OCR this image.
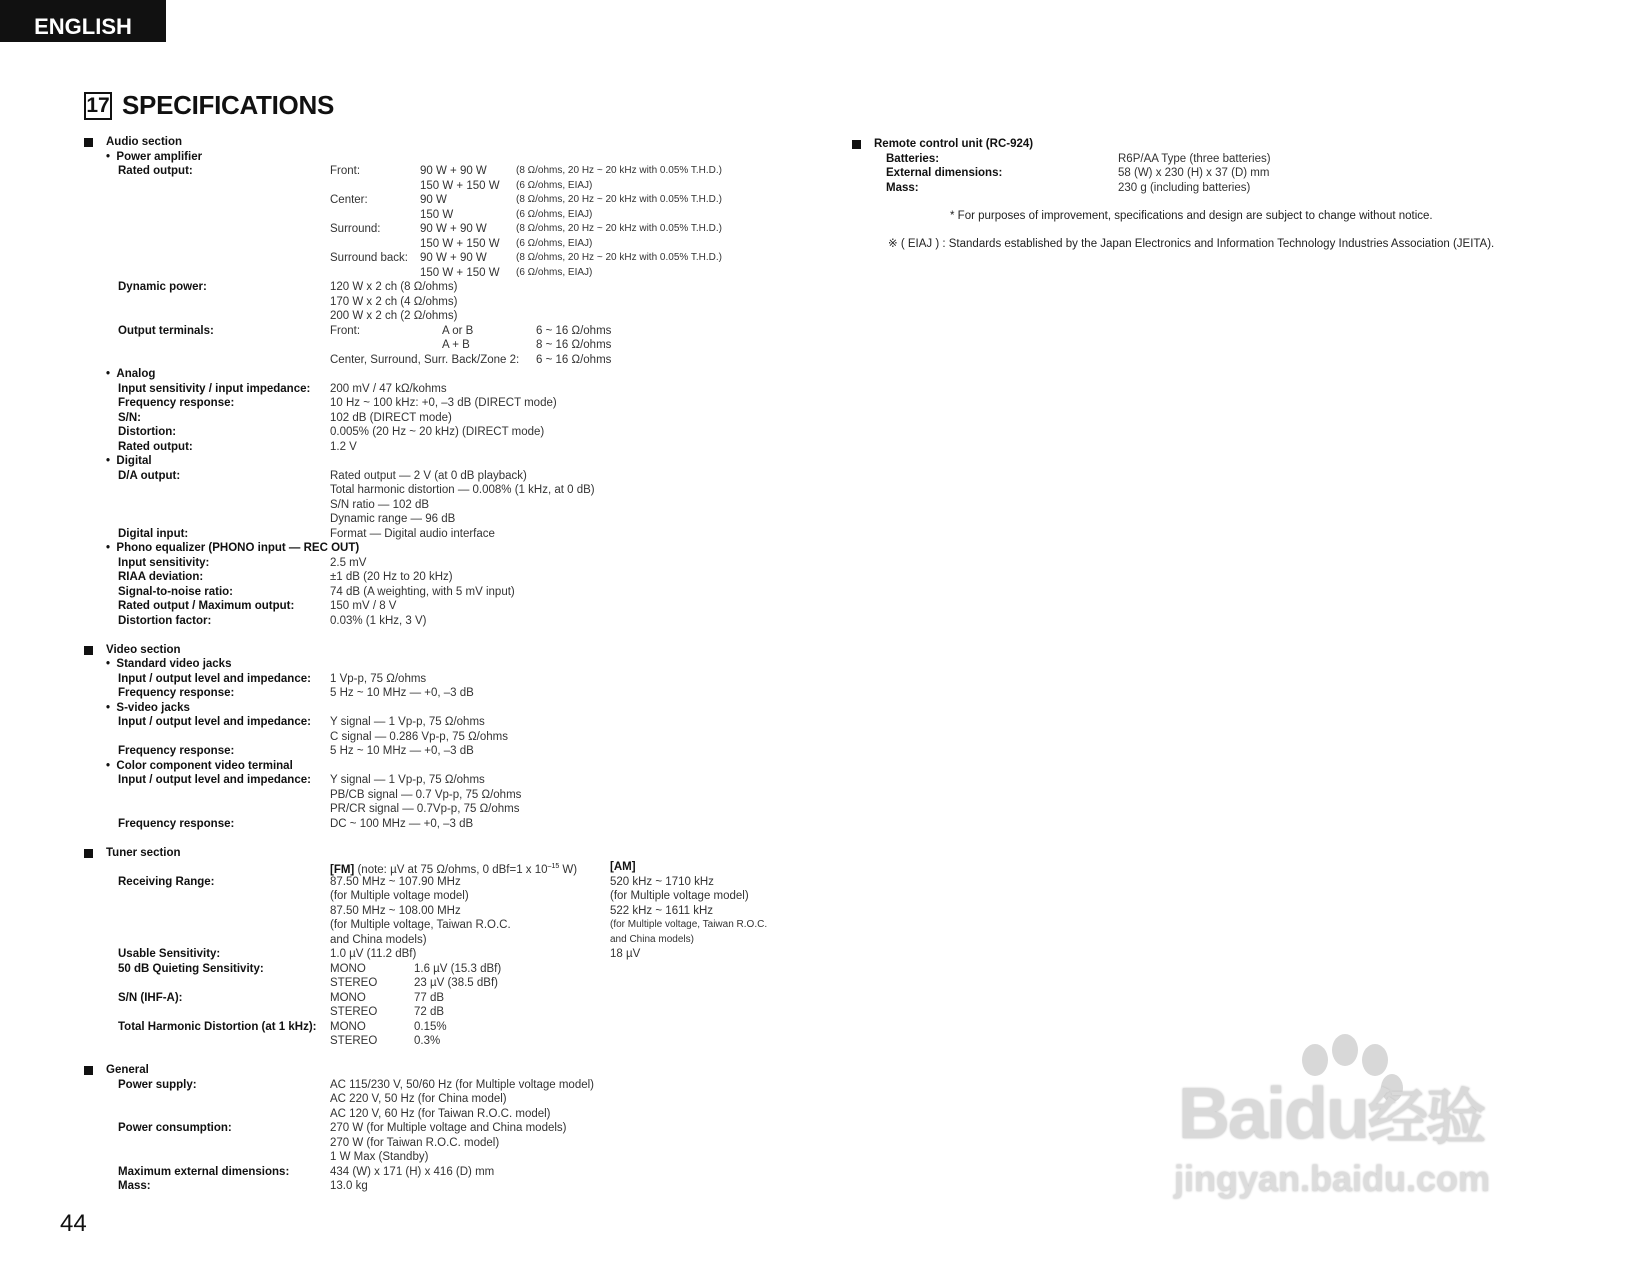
ENGLISH
17 SPECIFICATIONS
Audio section
•  Power amplifier
Rated output:	Front:	90 W + 90 W	(8 Ω/ohms, 20 Hz ~ 20 kHz with 0.05% T.H.D.)
150 W + 150 W (6 Ω/ohms, EIAJ)
Center:	90 W	(8 Ω/ohms, 20 Hz ~ 20 kHz with 0.05% T.H.D.)
150 W	(6 Ω/ohms, EIAJ)
Surround:	90 W + 90 W	(8 Ω/ohms, 20 Hz ~ 20 kHz with 0.05% T.H.D.)
150 W + 150 W (6 Ω/ohms, EIAJ)
Surround back: 90 W + 90 W	(8 Ω/ohms, 20 Hz ~ 20 kHz with 0.05% T.H.D.)
150 W + 150 W (6 Ω/ohms, EIAJ)
Dynamic power:	120 W x 2 ch (8 Ω/ohms)
170 W x 2 ch (4 Ω/ohms)
200 W x 2 ch (2 Ω/ohms)
Output terminals:	Front:	A or B	6 ~ 16 Ω/ohms
A + B	8 ~ 16 Ω/ohms
Center, Surround, Surr. Back/Zone 2: 6 ~ 16 Ω/ohms
•  Analog
Input sensitivity / input impedance: 200 mV / 47 kΩ/kohms
Frequency response:	10 Hz ~ 100 kHz: +0, –3 dB (DIRECT mode)
S/N:	102 dB (DIRECT mode)
Distortion:	0.005% (20 Hz ~ 20 kHz) (DIRECT mode)
Rated output:	1.2 V
•  Digital
D/A output:	Rated output — 2 V (at 0 dB playback)
Total harmonic distortion — 0.008% (1 kHz, at 0 dB)
S/N ratio — 102 dB
Dynamic range — 96 dB
Digital input:	Format — Digital audio interface
•  Phono equalizer (PHONO input — REC OUT)
Input sensitivity:	2.5 mV
RIAA deviation:	±1 dB (20 Hz to 20 kHz)
Signal-to-noise ratio:	74 dB (A weighting, with 5 mV input)
Rated output / Maximum output:	150 mV / 8 V
Distortion factor:	0.03% (1 kHz, 3 V)
Video section
•  Standard video jacks
Input / output level and impedance: 1 Vp-p, 75 Ω/ohms
Frequency response:	5 Hz ~ 10 MHz — +0, –3 dB
•  S-video jacks
Input / output level and impedance: Y signal — 1 Vp-p, 75 Ω/ohms
C signal — 0.286 Vp-p, 75 Ω/ohms
Frequency response:	5 Hz ~ 10 MHz — +0, –3 dB
•  Color component video terminal
Input / output level and impedance: Y signal — 1 Vp-p, 75 Ω/ohms
PB/CB signal — 0.7 Vp-p, 75 Ω/ohms
PR/CR signal — 0.7Vp-p, 75 Ω/ohms
Frequency response:	DC ~ 100 MHz — +0, –3 dB
Tuner section
[FM] (note: µV at 75 Ω/ohms, 0 dBf=1 x $10^{-15}$ W)	[AM]
Receiving Range:	87.50 MHz ~ 107.90 MHz	520 kHz ~ 1710 kHz
(for Multiple voltage model)	(for Multiple voltage model)
87.50 MHz ~ 108.00 MHz	522 kHz ~ 1611 kHz
(for Multiple voltage, Taiwan R.O.C.	(for Multiple voltage, Taiwan R.O.C.
and China models)	and China models)
Usable Sensitivity:	1.0 µV (11.2 dBf)	18 µV
50 dB Quieting Sensitivity:	MONO	1.6 µV (15.3 dBf)
STEREO	23 µV (38.5 dBf)
S/N (IHF-A):	MONO	77 dB
STEREO	72 dB
Total Harmonic Distortion (at 1 kHz): MONO	0.15%
STEREO	0.3%
General
Power supply:	AC 115/230 V, 50/60 Hz (for Multiple voltage model)
AC 220 V, 50 Hz (for China model)
AC 120 V, 60 Hz (for Taiwan R.O.C. model)
Power consumption:	270 W (for Multiple voltage and China models)
270 W (for Taiwan R.O.C. model)
1 W Max (Standby)
Maximum external dimensions:	434 (W) x 171 (H) x 416 (D) mm
Mass:	13.0 kg
Remote control unit (RC-924)
Batteries:	R6P/AA Type (three batteries)
External dimensions:	58 (W) x 230 (H) x 37 (D) mm
Mass:	230 g (including batteries)
* For purposes of improvement, specifications and design are subject to change without notice.
※ ( EIAJ ) : Standards established by the Japan Electronics and Information Technology Industries Association (JEITA).
44
Baidu经验
jingyan.baidu.com
